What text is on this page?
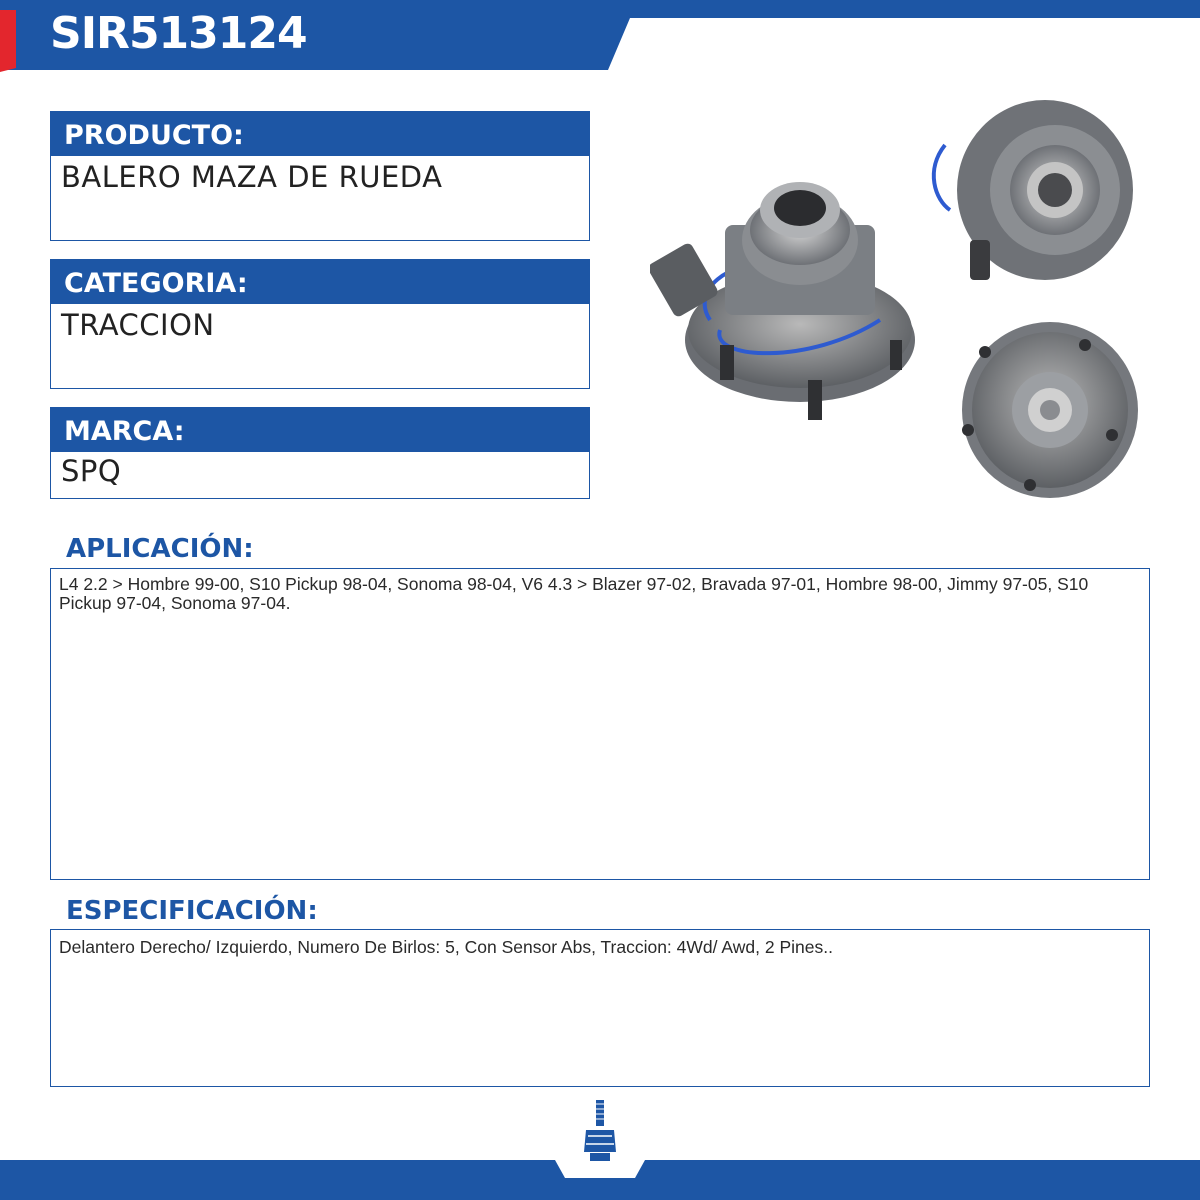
SIR513124
PRODUCTO:
BALERO MAZA DE RUEDA
CATEGORIA:
TRACCION
MARCA:
SPQ
APLICACIÓN:
L4 2.2 > Hombre 99-00, S10 Pickup 98-04, Sonoma 98-04, V6 4.3 > Blazer 97-02, Bravada 97-01, Hombre 98-00, Jimmy 97-05, S10 Pickup 97-04, Sonoma 97-04.
ESPECIFICACIÓN:
Delantero Derecho/ Izquierdo, Numero De Birlos: 5, Con Sensor Abs, Traccion: 4Wd/ Awd, 2 Pines..
TRACCIÓN
